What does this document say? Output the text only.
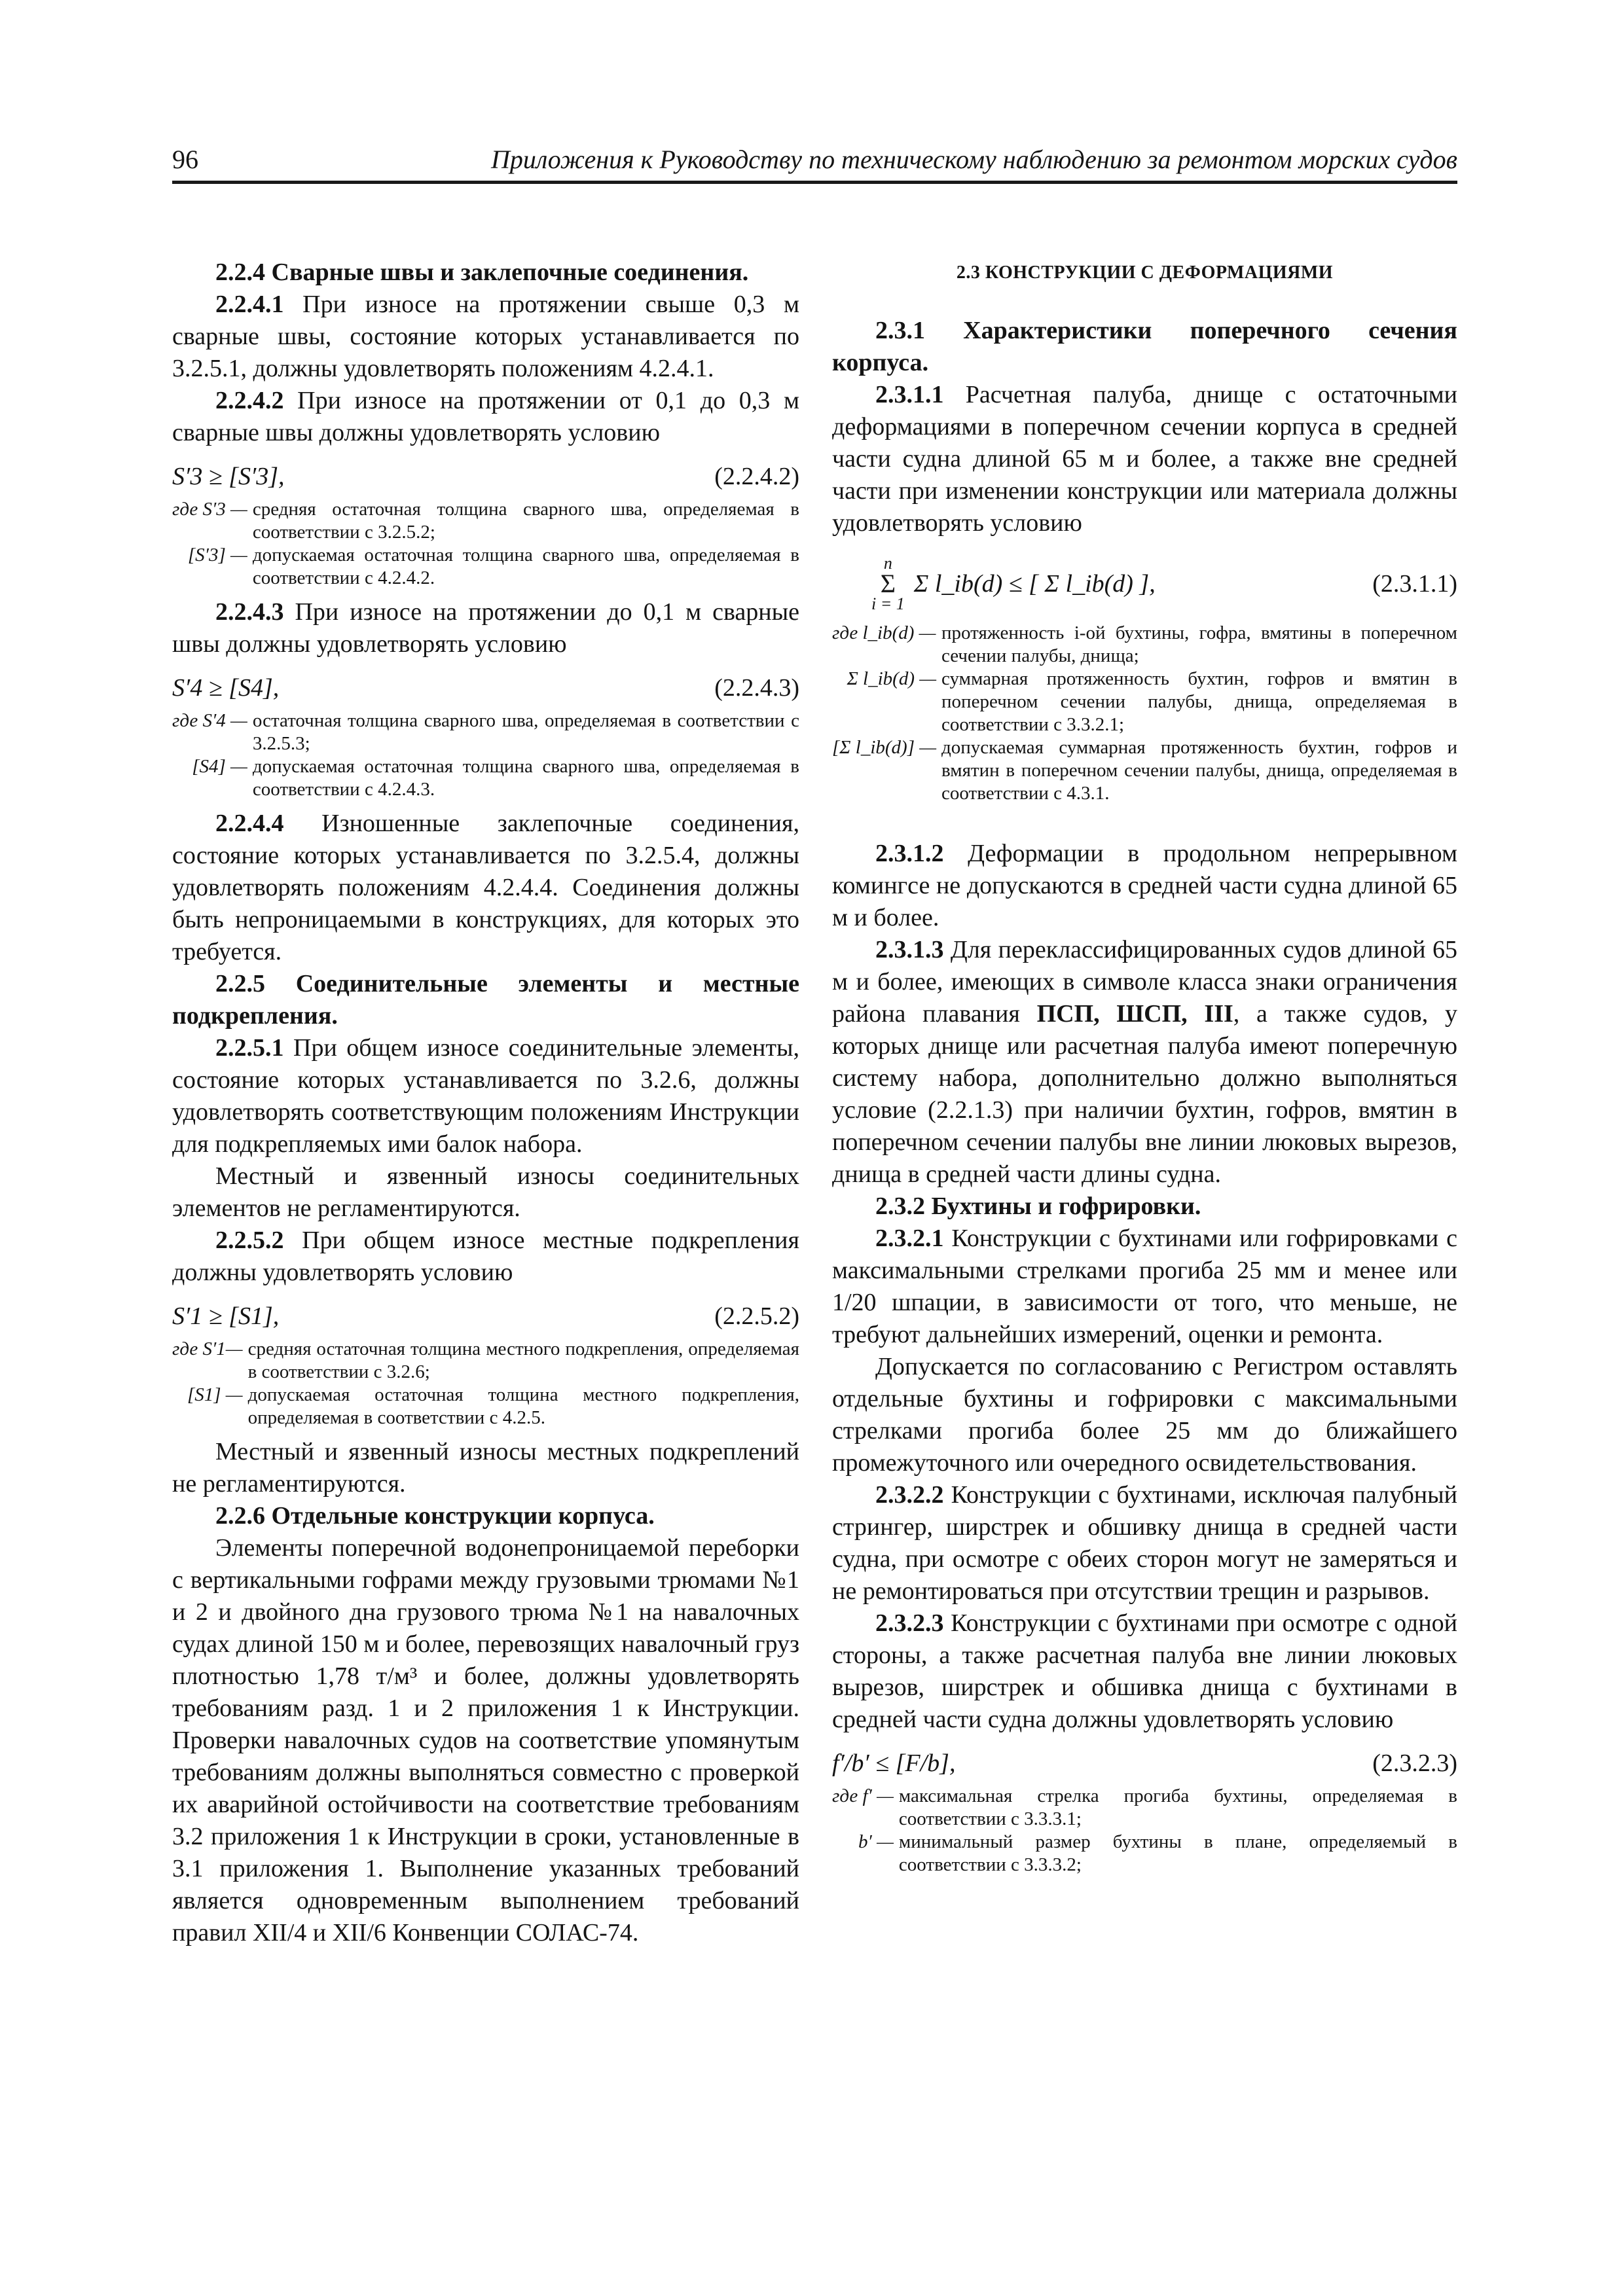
96	Приложения к Руководству по техническому наблюдению за ремонтом морских судов

2.2.4 Сварные швы и заклепочные соединения.

2.2.4.1 При износе на протяжении свыше 0,3 м сварные швы, состояние которых устанавливается по 3.2.5.1, должны удовлетворять положениям 4.2.4.1.

2.2.4.2 При износе на протяжении от 0,1 до 0,3 м сварные швы должны удовлетворять условию

S′3 ≥ [S′3],	(2.2.4.2)
где S′3 —	средняя остаточная толщина сварного шва, определяемая в соответствии с 3.2.5.2;
[S′3] —	допускаемая остаточная толщина сварного шва, определяемая в соответствии с 4.2.4.2.

2.2.4.3 При износе на протяжении до 0,1 м сварные швы должны удовлетворять условию

S′4 ≥ [S4],	(2.2.4.3)
где S′4 —	остаточная толщина сварного шва, определяемая в соответствии с 3.2.5.3;
[S4] —	допускаемая остаточная толщина сварного шва, определяемая в соответствии с 4.2.4.3.

2.2.4.4 Изношенные заклепочные соединения, состояние которых устанавливается по 3.2.5.4, должны удовлетворять положениям 4.2.4.4. Соединения должны быть непроницаемыми в конструкциях, для которых это требуется.

2.2.5 Соединительные элементы и местные подкрепления.

2.2.5.1 При общем износе соединительные элементы, состояние которых устанавливается по 3.2.6, должны удовлетворять соответствующим положениям Инструкции для подкрепляемых ими балок набора.

Местный и язвенный износы соединительных элементов не регламентируются.

2.2.5.2 При общем износе местные подкрепления должны удовлетворять условию

S′1 ≥ [S1],	(2.2.5.2)
где S′1—	средняя остаточная толщина местного подкрепления, определяемая в соответствии с 3.2.6;
[S1] —	допускаемая остаточная толщина местного подкрепления, определяемая в соответствии с 4.2.5.

Местный и язвенный износы местных подкреплений не регламентируются.

2.2.6 Отдельные конструкции корпуса.

Элементы поперечной водонепроницаемой переборки с вертикальными гофрами между грузовыми трюмами №1 и 2 и двойного дна грузового трюма №1 на навалочных судах длиной 150 м и более, перевозящих навалочный груз плотностью 1,78 т/м³ и более, должны удовлетворять требованиям разд. 1 и 2 приложения 1 к Инструкции. Проверки навалочных судов на соответствие упомянутым требованиям должны выполняться совместно с проверкой их аварийной остойчивости на соответствие требованиям 3.2 приложения 1 к Инструкции в сроки, установленные в 3.1 приложения 1. Выполнение указанных требований является одновременным выполнением требований правил XII/4 и XII/6 Конвенции СОЛАС-74.

2.3 КОНСТРУКЦИИ С ДЕФОРМАЦИЯМИ

2.3.1 Характеристики поперечного сечения корпуса.

2.3.1.1 Расчетная палуба, днище с остаточными деформациями в поперечном сечении корпуса в средней части судна длиной 65 м и более, а также вне средней части при изменении конструкции или материала должны удовлетворять условию

n
Σ
i = 1
Σ l_ib(d) ≤ [ Σ l_ib(d) ],	(2.3.1.1)
где l_ib(d) —	протяженность i-ой бухтины, гофра, вмятины в поперечном сечении палубы, днища;
Σ l_ib(d) —	суммарная протяженность бухтин, гофров и вмятин в поперечном сечении палубы, днища, определяемая в соответствии с 3.3.2.1;
[Σ l_ib(d)] —	допускаемая суммарная протяженность бухтин, гофров и вмятин в поперечном сечении палубы, днища, определяемая в соответствии с 4.3.1.

2.3.1.2 Деформации в продольном непрерывном комингсе не допускаются в средней части судна длиной 65 м и более.

2.3.1.3 Для переклассифицированных судов длиной 65 м и более, имеющих в символе класса знаки ограничения района плавания ПСП, ШСП, III, а также судов, у которых днище или расчетная палуба имеют поперечную систему набора, дополнительно должно выполняться условие (2.2.1.3) при наличии бухтин, гофров, вмятин в поперечном сечении палубы вне линии люковых вырезов, днища в средней части длины судна.

2.3.2 Бухтины и гофрировки.

2.3.2.1 Конструкции с бухтинами или гофрировками с максимальными стрелками прогиба 25 мм и менее или 1/20 шпации, в зависимости от того, что меньше, не требуют дальнейших измерений, оценки и ремонта.

Допускается по согласованию с Регистром оставлять отдельные бухтины и гофрировки с максимальными стрелками прогиба более 25 мм до ближайшего промежуточного или очередного освидетельствования.

2.3.2.2 Конструкции с бухтинами, исключая палубный стрингер, ширстрек и обшивку днища в средней части судна, при осмотре с обеих сторон могут не замеряться и не ремонтироваться при отсутствии трещин и разрывов.

2.3.2.3 Конструкции с бухтинами при осмотре с одной стороны, а также расчетная палуба вне линии люковых вырезов, ширстрек и обшивка днища с бухтинами в средней части судна должны удовлетворять условию

f′/b′ ≤ [F/b],	(2.3.2.3)
где f′ —	максимальная стрелка прогиба бухтины, определяемая в соответствии с 3.3.3.1;
b′ —	минимальный размер бухтины в плане, определяемый в соответствии с 3.3.3.2;
